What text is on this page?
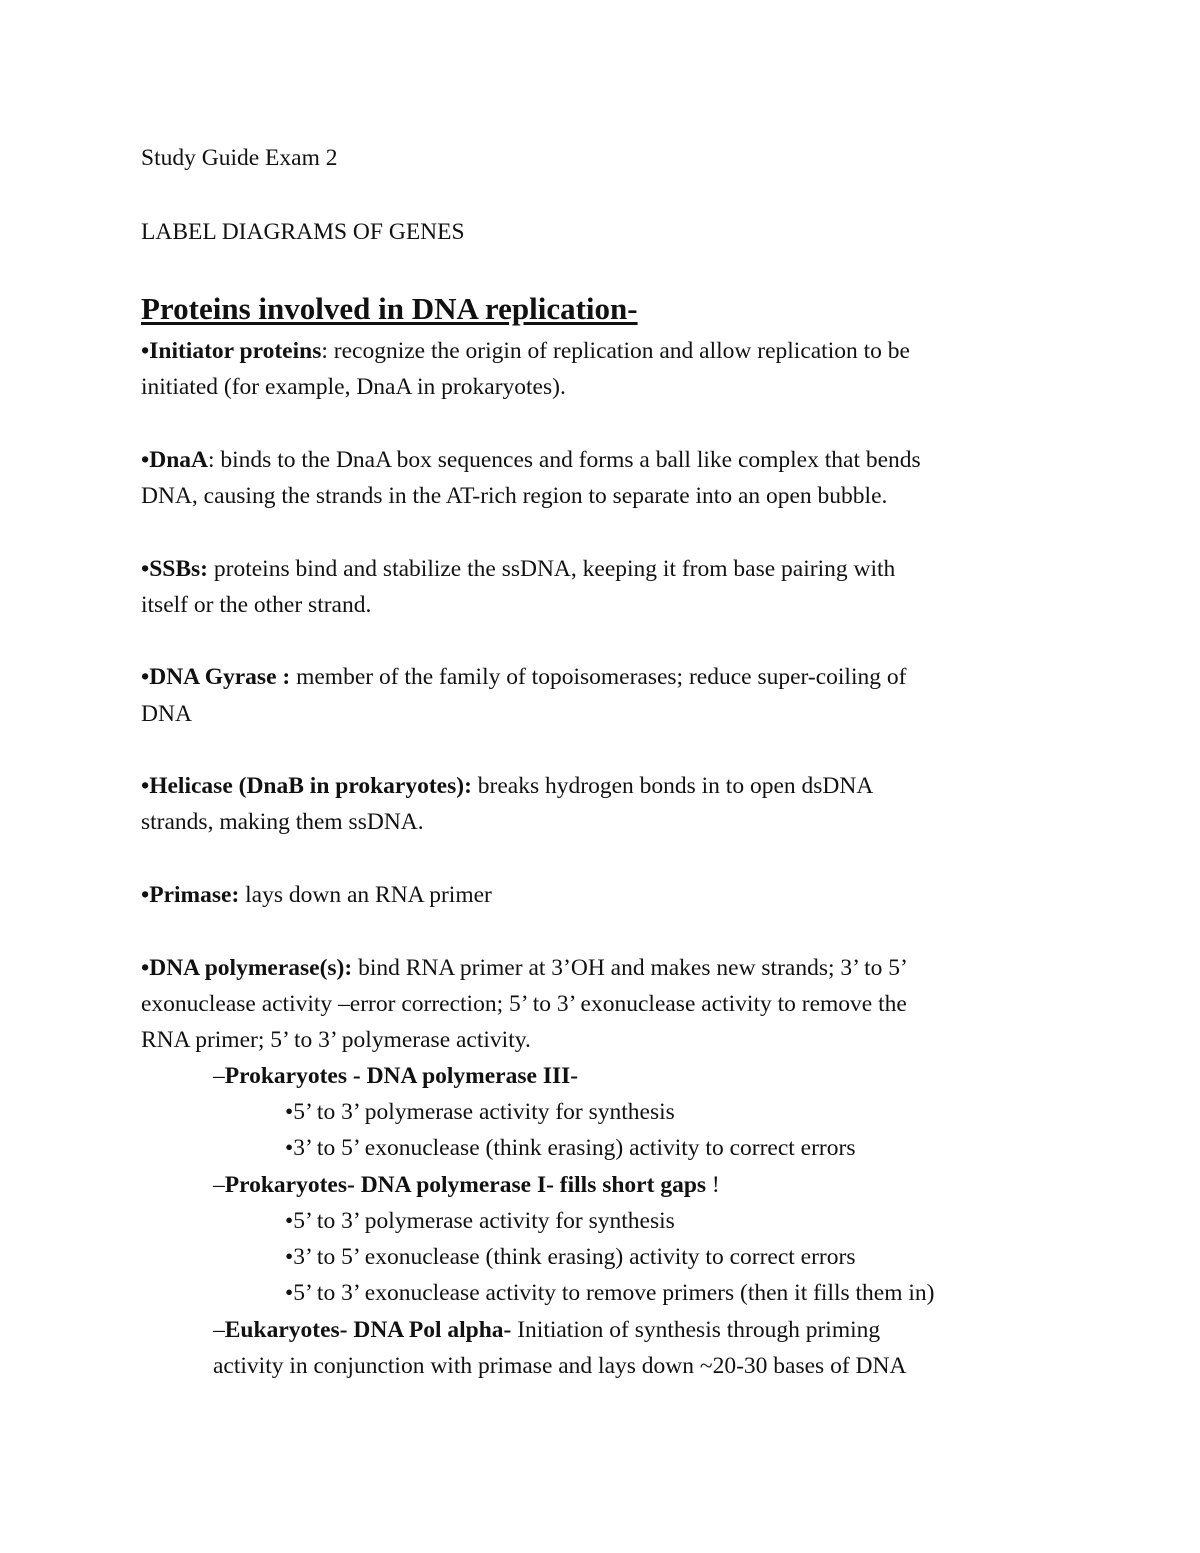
Study Guide Exam 2
LABEL DIAGRAMS OF GENES
Proteins involved in DNA replication-
•Initiator proteins: recognize the origin of replication and allow replication to be
initiated (for example, DnaA in prokaryotes).
•DnaA: binds to the DnaA box sequences and forms a ball like complex that bends
DNA, causing the strands in the AT-rich region to separate into an open bubble.
•SSBs: proteins bind and stabilize the ssDNA, keeping it from base pairing with
itself or the other strand.
•DNA Gyrase : member of the family of topoisomerases; reduce super-coiling of
DNA
•Helicase (DnaB in prokaryotes): breaks hydrogen bonds in to open dsDNA
strands, making them ssDNA.
•Primase: lays down an RNA primer
•DNA polymerase(s): bind RNA primer at 3’OH and makes new strands; 3’ to 5’
exonuclease activity –error correction; 5’ to 3’ exonuclease activity to remove the
RNA primer; 5’ to 3’ polymerase activity.
–Prokaryotes - DNA polymerase III-
•5’ to 3’ polymerase activity for synthesis
•3’ to 5’ exonuclease (think erasing) activity to correct errors
–Prokaryotes- DNA polymerase I- fills short gaps !
•5’ to 3’ polymerase activity for synthesis
•3’ to 5’ exonuclease (think erasing) activity to correct errors
•5’ to 3’ exonuclease activity to remove primers (then it fills them in)
–Eukaryotes- DNA Pol alpha- Initiation of synthesis through priming
activity in conjunction with primase and lays down ~20-30 bases of DNA
